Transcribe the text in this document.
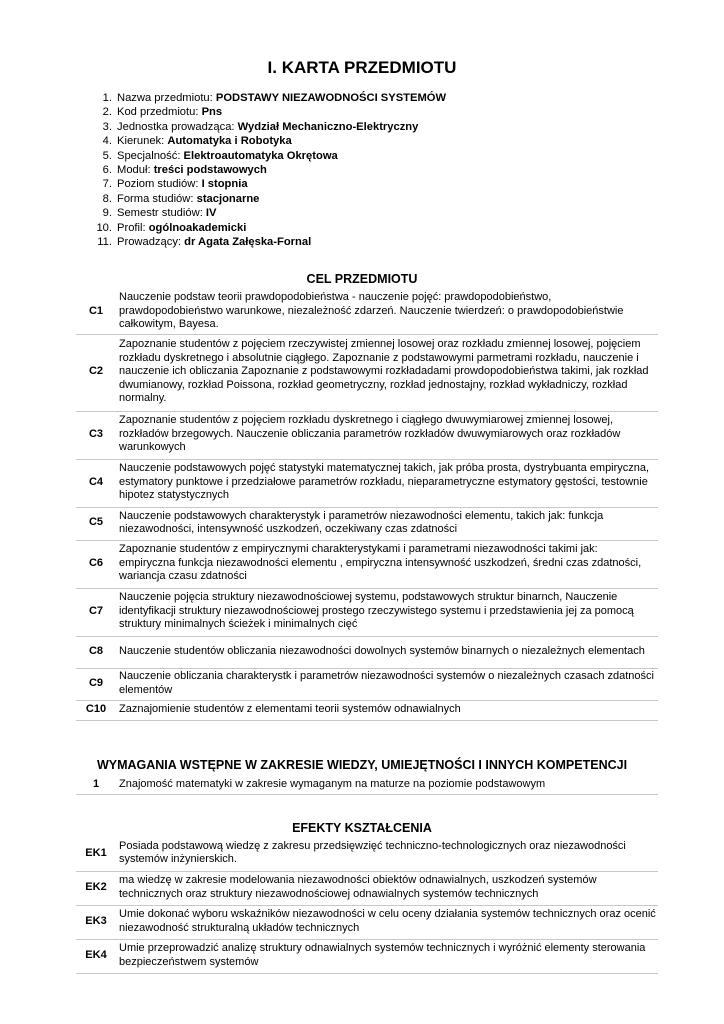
I. KARTA PRZEDMIOTU
1. Nazwa przedmiotu: PODSTAWY NIEZAWODNOŚCI SYSTEMÓW
2. Kod przedmiotu: Pns
3. Jednostka prowadząca: Wydział Mechaniczno-Elektryczny
4. Kierunek: Automatyka i Robotyka
5. Specjalność: Elektroautomatyka Okrętowa
6. Moduł: treści podstawowych
7. Poziom studiów: I stopnia
8. Forma studiów: stacjonarne
9. Semestr studiów: IV
10. Profil: ogólnoakademicki
11. Prowadzący: dr Agata Załęska-Fornal
CEL PRZEDMIOTU
C1	Nauczenie podstaw teorii prawdopodobieństwa - nauczenie pojęć: prawdopodobieństwo, prawdopodobieństwo warunkowe, niezależność zdarzeń. Nauczenie twierdzeń: o prawdopodobieństwie całkowitym, Bayesa.
C2	Zapoznanie studentów z pojęciem rzeczywistej zmiennej losowej oraz rozkładu zmiennej losowej, pojęciem rozkładu dyskretnego i absolutnie ciągłego. Zapoznanie z podstawowymi parmetrami rozkładu, nauczenie i nauczenie ich obliczania Zapoznanie z podstawowymi rozkładadami prowdopodobieństwa takimi, jak rozkład dwumianowy, rozkład Poissona, rozkład geometryczny, rozkład jednostajny, rozkład wykładniczy, rozkład normalny.
C3	Zapoznanie studentów z pojęciem rozkładu dyskretnego i ciągłego dwuwymiarowej zmiennej losowej, rozkładów brzegowych. Nauczenie obliczania parametrów rozkładów dwuwymiarowych oraz rozkładów warunkowych
C4	Nauczenie podstawowych pojęć statystyki matematycznej takich, jak próba prosta, dystrybuanta empiryczna, estymatory punktowe i przedziałowe parametrów rozkładu, nieparametryczne estymatory gęstości, testownie hipotez statystycznych
C5	Nauczenie podstawowych charakterystyk i parametrów niezawodności elementu, takich jak: funkcja niezawodności, intensywność uszkodzeń, oczekiwany czas zdatności
C6	Zapoznanie studentów z empirycznymi charakterystykami i parametrami niezawodności takimi jak: empiryczna funkcja niezawodności elementu , empiryczna intensywność uszkodzeń, średni czas zdatności, wariancja czasu zdatności
C7	Nauczenie pojęcia struktury niezawodnościowej systemu, podstawowych struktur binarnch, Nauczenie identyfikacji struktury niezawodnościowej prostego rzeczywistego systemu i przedstawienia jej za pomocą struktury minimalnych ścieżek i minimalnych cięć
C8	Nauczenie studentów obliczania niezawodności dowolnych systemów binarnych o niezależnych elementach
C9	Nauczenie obliczania charakterystk i parametrów niezawodności systemów o niezależnych czasach zdatności elementów
C10	Zaznajomienie studentów z elementami teorii systemów odnawialnych
WYMAGANIA WSTĘPNE W ZAKRESIE WIEDZY, UMIEJĘTNOŚCI I INNYCH KOMPETENCJI
1	Znajomość matematyki w zakresie wymaganym na maturze na poziomie podstawowym
EFEKTY KSZTAŁCENIA
EK1	Posiada podstawową wiedzę z zakresu przedsięwzięć techniczno-technologicznych oraz niezawodności systemów inżynierskich.
EK2	ma wiedzę w zakresie modelowania niezawodności obiektów odnawialnych, uszkodzeń systemów technicznych oraz struktury niezawodnościowej odnawialnych systemów technicznych
EK3	Umie dokonać wyboru wskaźników niezawodności w celu oceny działania systemów technicznych oraz ocenić niezawodność strukturalną układów technicznych
EK4	Umie przeprowadzić analizę struktury odnawialnych systemów technicznych i wyróżnić elementy sterowania bezpieczeństwem systemów
